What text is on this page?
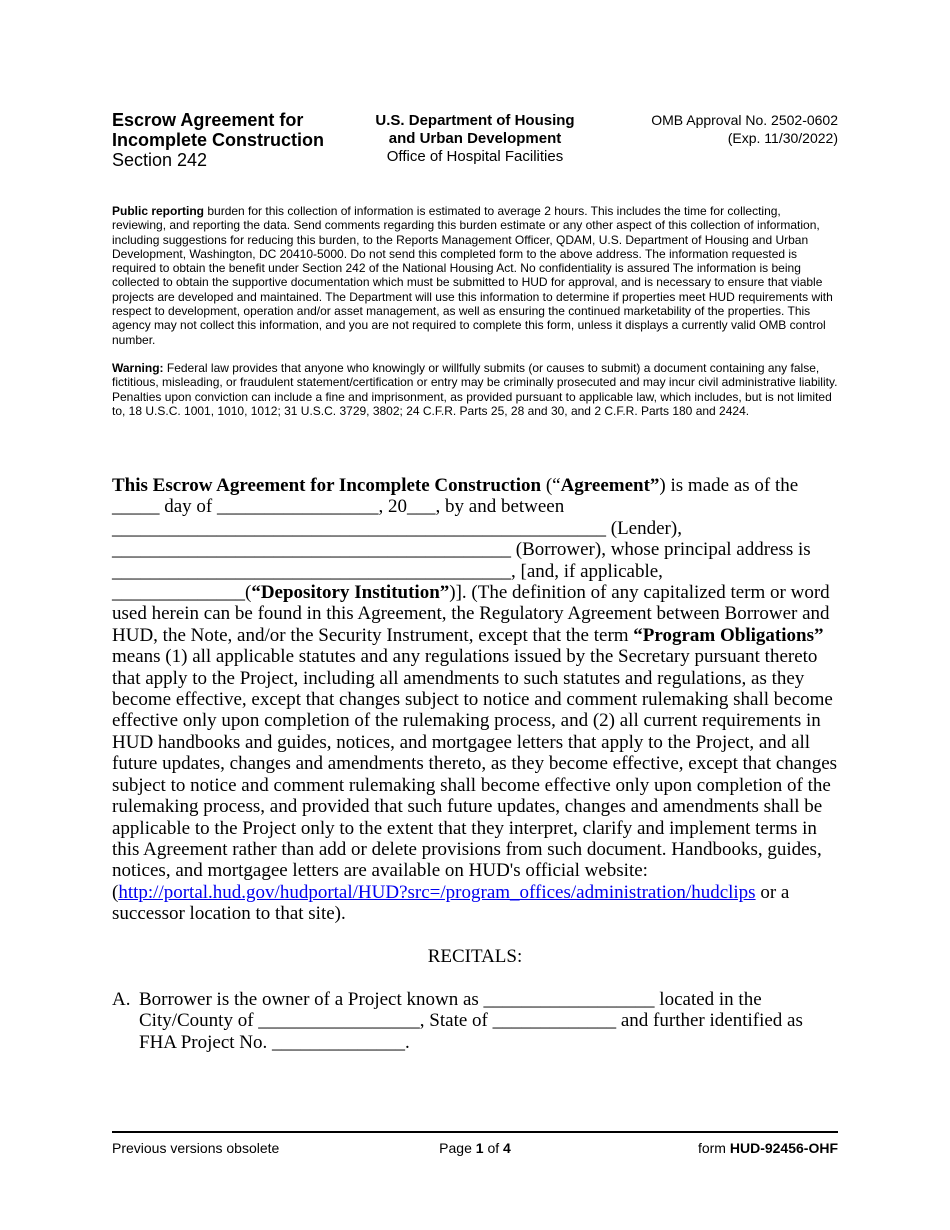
Escrow Agreement for
Incomplete Construction
Section 242
U.S. Department of Housing
and Urban Development
Office of Hospital Facilities
OMB Approval No. 2502-0602
(Exp. 11/30/2022)
Public reporting burden for this collection of information is estimated to average 2 hours. This includes the time for collecting, reviewing, and reporting the data. Send comments regarding this burden estimate or any other aspect of this collection of information, including suggestions for reducing this burden, to the Reports Management Officer, QDAM, U.S. Department of Housing and Urban Development, Washington, DC 20410-5000. Do not send this completed form to the above address. The information requested is required to obtain the benefit under Section 242 of the National Housing Act. No confidentiality is assured The information is being collected to obtain the supportive documentation which must be submitted to HUD for approval, and is necessary to ensure that viable projects are developed and maintained. The Department will use this information to determine if properties meet HUD requirements with respect to development, operation and/or asset management, as well as ensuring the continued marketability of the properties. This agency may not collect this information, and you are not required to complete this form, unless it displays a currently valid OMB control number.
Warning: Federal law provides that anyone who knowingly or willfully submits (or causes to submit) a document containing any false, fictitious, misleading, or fraudulent statement/certification or entry may be criminally prosecuted and may incur civil administrative liability. Penalties upon conviction can include a fine and imprisonment, as provided pursuant to applicable law, which includes, but is not limited to, 18 U.S.C. 1001, 1010, 1012; 31 U.S.C. 3729, 3802; 24 C.F.R. Parts 25, 28 and 30, and 2 C.F.R. Parts 180 and 2424.
This Escrow Agreement for Incomplete Construction (“Agreement”) is made as of the _____ day of _________________, 20___, by and between
____________________________________________________ (Lender),
__________________________________________ (Borrower), whose principal address is
__________________________________________, [and, if applicable,
______________(“Depository Institution”)]. (The definition of any capitalized term or word used herein can be found in this Agreement, the Regulatory Agreement between Borrower and HUD, the Note, and/or the Security Instrument, except that the term “Program Obligations” means (1) all applicable statutes and any regulations issued by the Secretary pursuant thereto that apply to the Project, including all amendments to such statutes and regulations, as they become effective, except that changes subject to notice and comment rulemaking shall become effective only upon completion of the rulemaking process, and (2) all current requirements in HUD handbooks and guides, notices, and mortgagee letters that apply to the Project, and all future updates, changes and amendments thereto, as they become effective, except that changes subject to notice and comment rulemaking shall become effective only upon completion of the rulemaking process, and provided that such future updates, changes and amendments shall be applicable to the Project only to the extent that they interpret, clarify and implement terms in this Agreement rather than add or delete provisions from such document. Handbooks, guides, notices, and mortgagee letters are available on HUD's official website: (http://portal.hud.gov/hudportal/HUD?src=/program_offices/administration/hudclips or a successor location to that site).
RECITALS:
A. Borrower is the owner of a Project known as __________________ located in the City/County of _________________, State of _____________ and further identified as FHA Project No. ______________.
Previous versions obsolete	Page 1 of 4	form HUD-92456-OHF
